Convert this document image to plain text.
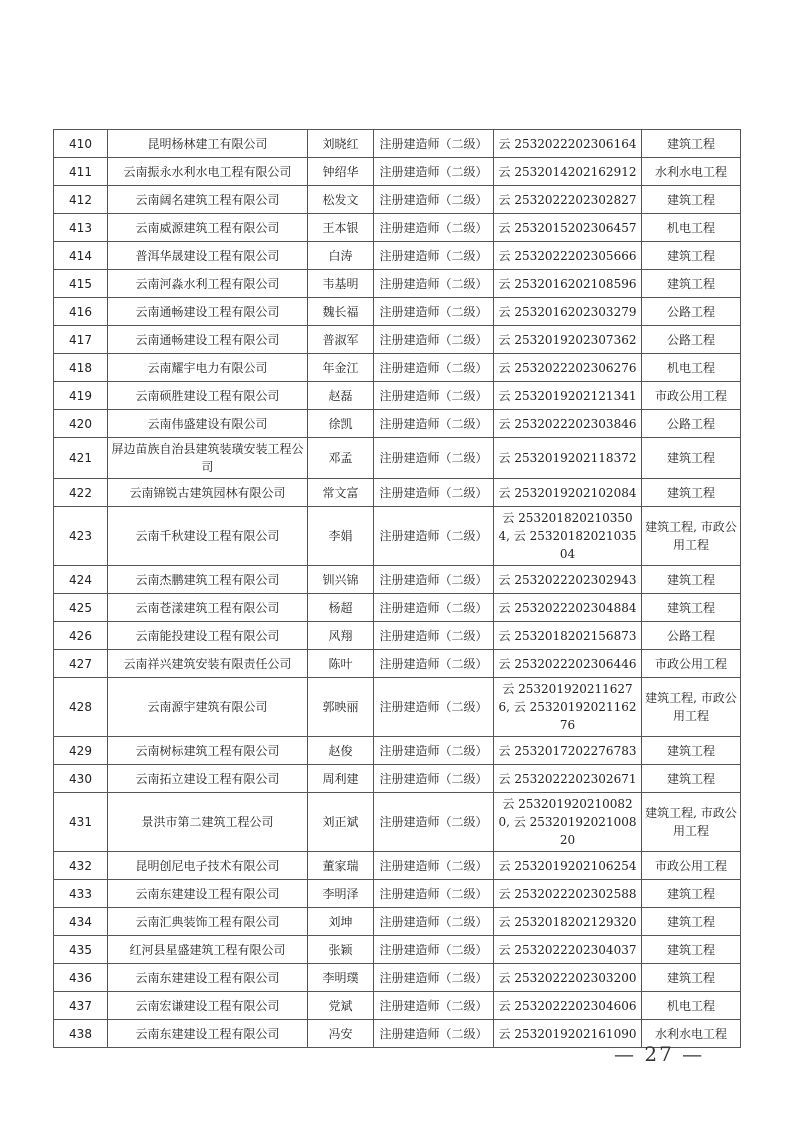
410	昆明杨林建工有限公司	刘晓红	注册建造师（二级）	云 2532022202306164	建筑工程
411	云南振永水利水电工程有限公司	钟绍华	注册建造师（二级）	云 2532014202162912	水利水电工程
412	云南阔名建筑工程有限公司	松发文	注册建造师（二级）	云 2532022202302827	建筑工程
413	云南威源建筑工程有限公司	王本银	注册建造师（二级）	云 2532015202306457	机电工程
414	普洱华晟建设工程有限公司	白涛	注册建造师（二级）	云 2532022202305666	建筑工程
415	云南河淼水利工程有限公司	韦基明	注册建造师（二级）	云 2532016202108596	建筑工程
416	云南通畅建设工程有限公司	魏长福	注册建造师（二级）	云 2532016202303279	公路工程
417	云南通畅建设工程有限公司	普淑军	注册建造师（二级）	云 2532019202307362	公路工程
418	云南耀宇电力有限公司	年金江	注册建造师（二级）	云 2532022202306276	机电工程
419	云南硕胜建设工程有限公司	赵磊	注册建造师（二级）	云 2532019202121341	市政公用工程
420	云南伟盛建设有限公司	徐凯	注册建造师（二级）	云 2532022202303846	公路工程
421	屏边苗族自治县建筑装璜安装工程公司	邓孟	注册建造师（二级）	云 2532019202118372	建筑工程
422	云南锦锐古建筑园林有限公司	常文富	注册建造师（二级）	云 2532019202102084	建筑工程
423	云南千秋建设工程有限公司	李娟	注册建造师（二级）	云 2532018202103504, 云 2532018202103504	建筑工程, 市政公用工程
424	云南杰鹏建筑工程有限公司	钏兴锦	注册建造师（二级）	云 2532022202302943	建筑工程
425	云南苍漾建筑工程有限公司	杨超	注册建造师（二级）	云 2532022202304884	建筑工程
426	云南能投建设工程有限公司	风翔	注册建造师（二级）	云 2532018202156873	公路工程
427	云南祥兴建筑安装有限责任公司	陈叶	注册建造师（二级）	云 2532022202306446	市政公用工程
428	云南源宇建筑有限公司	郭映丽	注册建造师（二级）	云 2532019202116276, 云 2532019202116276	建筑工程, 市政公用工程
429	云南树标建筑工程有限公司	赵俊	注册建造师（二级）	云 2532017202276783	建筑工程
430	云南拓立建设工程有限公司	周利建	注册建造师（二级）	云 2532022202302671	建筑工程
431	景洪市第二建筑工程公司	刘正斌	注册建造师（二级）	云 2532019202100820, 云 2532019202100820	建筑工程, 市政公用工程
432	昆明创尼电子技术有限公司	董家瑞	注册建造师（二级）	云 2532019202106254	市政公用工程
433	云南东建建设工程有限公司	李明泽	注册建造师（二级）	云 2532022202302588	建筑工程
434	云南汇典装饰工程有限公司	刘坤	注册建造师（二级）	云 2532018202129320	建筑工程
435	红河县星盛建筑工程有限公司	张颖	注册建造师（二级）	云 2532022202304037	建筑工程
436	云南东建建设工程有限公司	李明璞	注册建造师（二级）	云 2532022202303200	建筑工程
437	云南宏谦建设工程有限公司	党斌	注册建造师（二级）	云 2532022202304606	机电工程
438	云南东建建设工程有限公司	冯安	注册建造师（二级）	云 2532019202161090	水利水电工程
— 27 —
